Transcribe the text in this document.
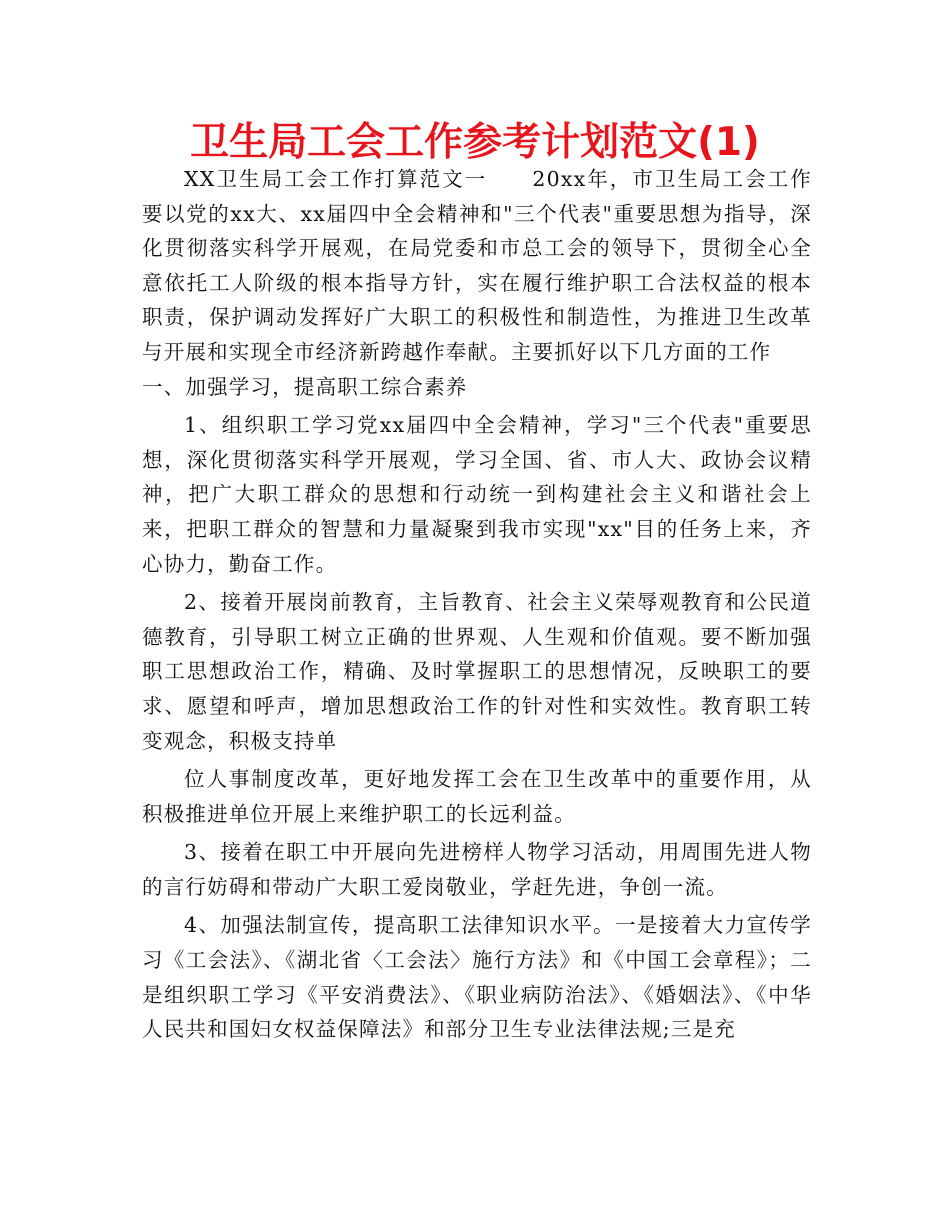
卫生局工会工作参考计划范文(1)

XX卫生局工会工作打算范文一　　20xx年，市卫生局工会工作要以党的xx大、xx届四中全会精神和"三个代表"重要思想为指导，深化贯彻落实科学开展观，在局党委和市总工会的领导下，贯彻全心全意依托工人阶级的根本指导方针，实在履行维护职工合法权益的根本职责，保护调动发挥好广大职工的积极性和制造性，为推进卫生改革与开展和实现全市经济新跨越作奉献。主要抓好以下几方面的工作

一、加强学习，提高职工综合素养

1、组织职工学习党xx届四中全会精神，学习"三个代表"重要思想，深化贯彻落实科学开展观，学习全国、省、市人大、政协会议精神，把广大职工群众的思想和行动统一到构建社会主义和谐社会上来，把职工群众的智慧和力量凝聚到我市实现"xx"目的任务上来，齐心协力，勤奋工作。

2、接着开展岗前教育，主旨教育、社会主义荣辱观教育和公民道德教育，引导职工树立正确的世界观、人生观和价值观。要不断加强职工思想政治工作，精确、及时掌握职工的思想情况，反映职工的要求、愿望和呼声，增加思想政治工作的针对性和实效性。教育职工转变观念，积极支持单

位人事制度改革，更好地发挥工会在卫生改革中的重要作用，从积极推进单位开展上来维护职工的长远利益。

3、接着在职工中开展向先进榜样人物学习活动，用周围先进人物的言行妨碍和带动广大职工爱岗敬业，学赶先进，争创一流。

4、加强法制宣传，提高职工法律知识水平。一是接着大力宣传学习《工会法》、《湖北省〈工会法〉施行方法》和《中国工会章程》；二是组织职工学习《平安消费法》、《职业病防治法》、《婚姻法》、《中华人民共和国妇女权益保障法》和部分卫生专业法律法规;三是充
